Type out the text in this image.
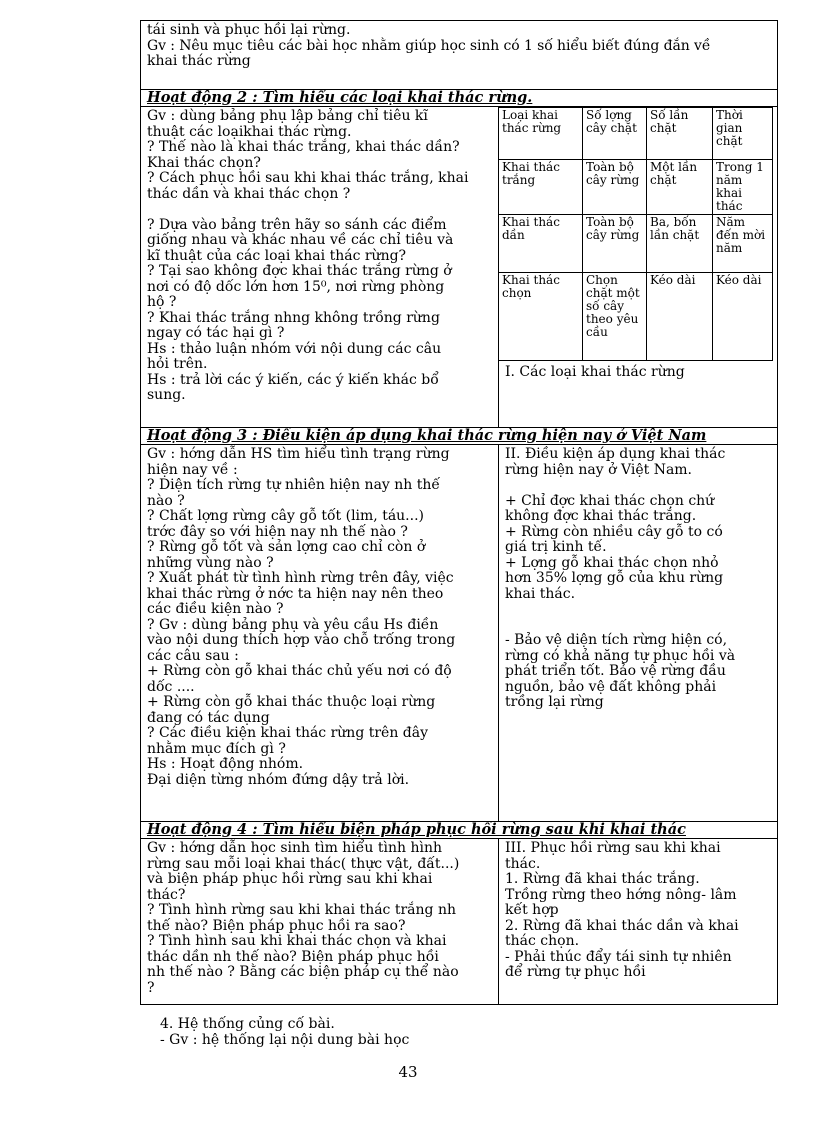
tái sinh và phục hồi lại rừng.
Gv : Nêu mục tiêu các bài học nhằm giúp học sinh có 1 số hiểu biết đúng đắn về
khai thác rừng
Hoạt động 2 : Tìm hiểu các loại khai thác rừng.
Gv : dùng bảng phụ lập bảng chỉ tiêu kĩ
thuật các loạikhai thác rừng.
? Thế nào là khai thác trắng, khai thác dần?
Khai thác chọn?
? Cách phục hồi sau khi khai thác trắng, khai
thác dần và khai thác chọn ?
? Dựa vào bảng trên hãy so sánh các điểm
giống nhau và khác nhau về các chỉ tiêu và
kĩ thuật của các loại khai thác rừng?
? Tại sao không đợc khai thác trắng rừng ở
nơi có độ dốc lớn hơn 15⁰, nơi rừng phòng
hộ ?
? Khai thác trắng nhng không trồng rừng
ngay có tác hại gì ?
Hs : thảo luận nhóm với nội dung các câu
hỏi trên.
Hs : trả lời các ý kiến, các ý kiến khác bổ
sung.
Loại khai thác rừng	Số lợng cây chặt	Số lần chặt	Thời gian chặt
Khai thác trắng	Toàn bộ cây rừng	Một lần chặt	Trong 1 năm khai thác
Khai thác dần	Toàn bộ cây rừng	Ba, bốn lần chặt	Năm đến mời năm
Khai thác chọn	Chọn chặt một số cây theo yêu cầu	Kéo dài	Kéo dài
I. Các loại khai thác rừng
Hoạt động 3 : Điều kiện áp dụng khai thác rừng hiện nay ở Việt Nam
Gv : hớng dẫn HS tìm hiểu tình trạng rừng
hiện nay về :
? Diện tích rừng tự nhiên hiện nay nh thế
nào ?
? Chất lợng rừng cây gỗ tốt (lim, táu...)
trớc đây so với hiện nay nh thế nào ?
? Rừng gỗ tốt và sản lợng cao chỉ còn ở
những vùng nào ?
? Xuất phát từ tình hình rừng trên đây, việc
khai thác rừng ở nớc ta hiện nay nên theo
các điều kiện nào ?
? Gv : dùng bảng phụ và yêu cầu Hs điền
vào nội dung thích hợp vào chỗ trống trong
các câu sau :
+ Rừng còn gỗ khai thác chủ yếu nơi có độ
dốc ....
+ Rừng còn gỗ khai thác thuộc loại rừng
đang có tác dụng
? Các điều kiện khai thác rừng trên đây
nhằm mục đích gì ?
Hs : Hoạt động nhóm.
Đại diện từng nhóm đứng dậy trả lời.
II. Điều kiện áp dụng khai thác
rừng hiện nay ở Việt Nam.
+ Chỉ đợc khai thác chọn chứ
không đợc khai thác trắng.
+ Rừng còn nhiều cây gỗ to có
giá trị kinh tế.
+ Lợng gỗ khai thác chọn nhỏ
hơn 35% lợng gỗ của khu rừng
khai thác.
- Bảo vệ diện tích rừng hiện có,
rừng có khả năng tự phục hồi và
phát triển tốt. Bảo vệ rừng đầu
nguồn, bảo vệ đất không phải
trồng lại rừng
Hoạt động 4 : Tìm hiểu biện pháp phục hồi rừng sau khi khai thác
Gv : hớng dẫn học sinh tìm hiểu tình hình
rừng sau mỗi loại khai thác( thực vật, đất...)
và biện pháp phục hồi rừng sau khi khai
thác?
? Tình hình rừng sau khi khai thác trắng nh
thế nào? Biện pháp phục hồi ra sao?
? Tình hình sau khi khai thác chọn và khai
thác dần nh thế nào? Biện pháp phục hồi
nh thế nào ? Bằng các biện pháp cụ thể nào
?
III. Phục hồi rừng sau khi khai
thác.
1. Rừng đã khai thác trắng.
Trồng rừng theo hớng nông- lâm
kết hợp
2. Rừng đã khai thác dần và khai
thác chọn.
- Phải thúc đẩy tái sinh tự nhiên
để rừng tự phục hồi
4. Hệ thống củng cố bài.
- Gv : hệ thống lại nội dung bài học
43
